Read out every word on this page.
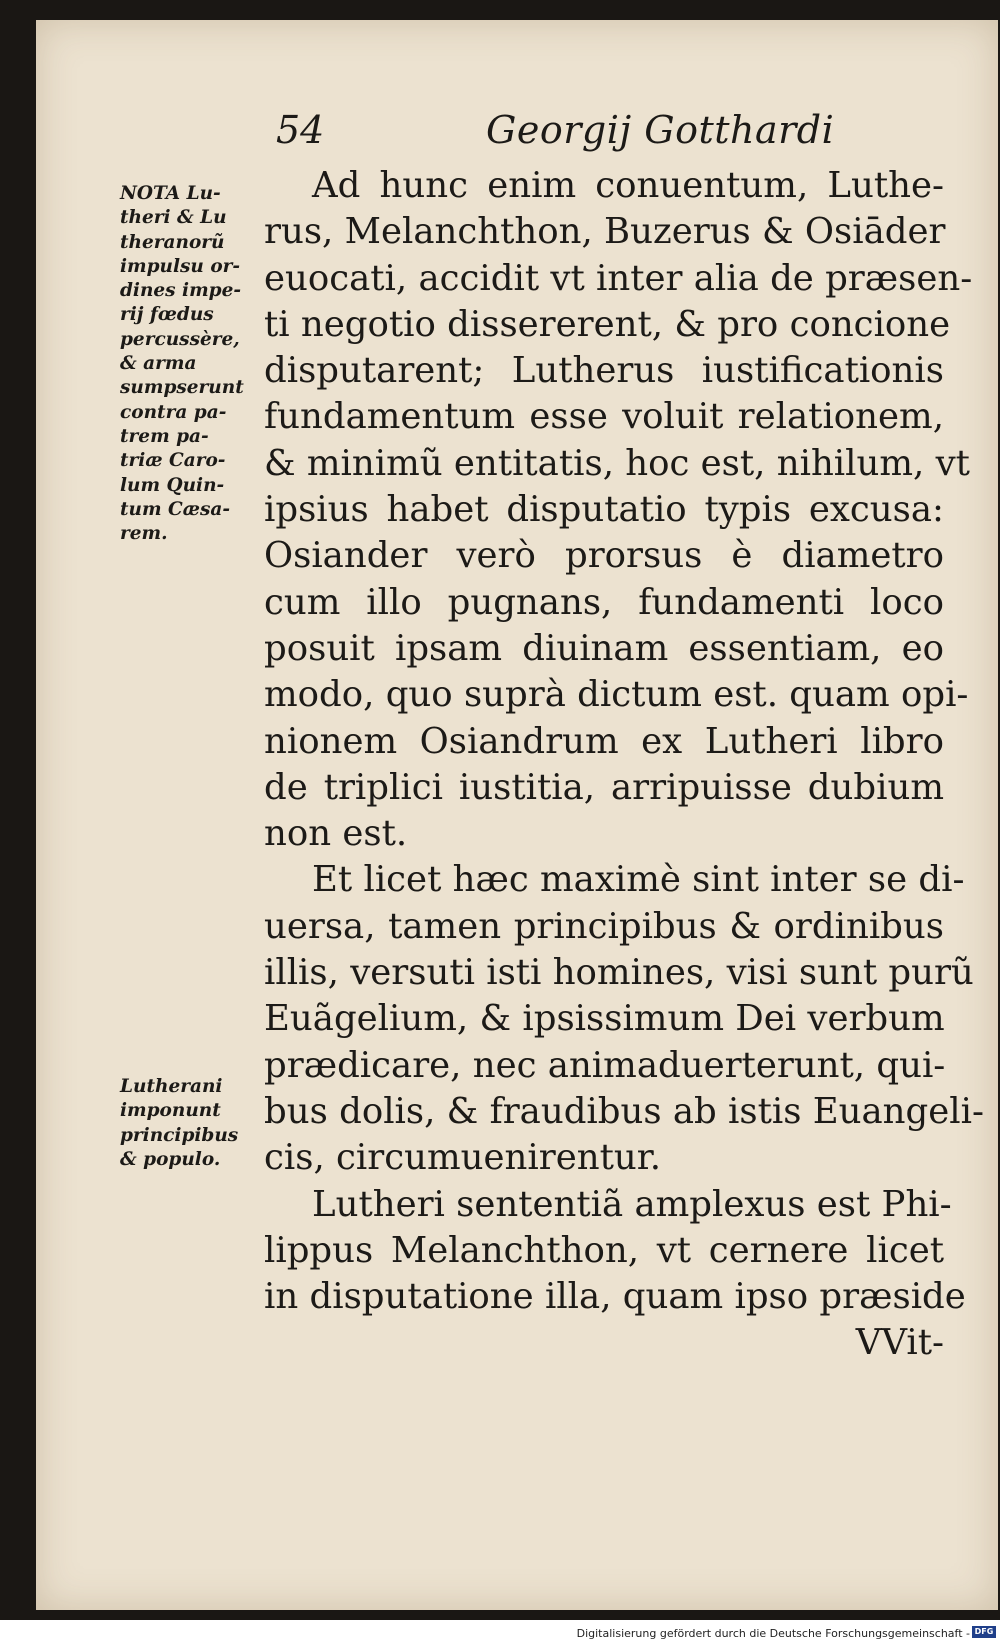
54	Georgij Gotthardi
NOTA Lu-
theri & Lu
theranorũ
impulsu or-
dines impe-
rij fœdus
percussère,
& arma
sumpserunt
contra pa-
trem pa-
triæ Caro-
lum Quin-
tum Cæsa-
rem.
Lutherani
imponunt
principibus
& populo.
Ad hunc enim conuentum, Luthe-
rus, Melanchthon, Buzerus & Osiāder
euocati, accidit vt inter alia de præsen-
ti negotio dissererent, & pro concione
disputarent; Lutherus iustificationis
fundamentum esse voluit relationem,
& minimũ entitatis, hoc est, nihilum, vt
ipsius habet disputatio typis excusa:
Osiander verò prorsus è diametro
cum illo pugnans, fundamenti loco
posuit ipsam diuinam essentiam, eo
modo, quo suprà dictum est. quam opi-
nionem Osiandrum ex Lutheri libro
de triplici iustitia, arripuisse dubium
non est.
Et licet hæc maximè sint inter se di-
uersa, tamen principibus & ordinibus
illis, versuti isti homines, visi sunt purũ
Euãgelium, & ipsissimum Dei verbum
prædicare, nec animaduerterunt, qui-
bus dolis, & fraudibus ab istis Euangeli-
cis, circumuenirentur.
Lutheri sententiã amplexus est Phi-
lippus Melanchthon, vt cernere licet
in disputatione illa, quam ipso præside
VVit-
Digitalisierung gefördert durch die Deutsche Forschungsgemeinschaft - DFG
